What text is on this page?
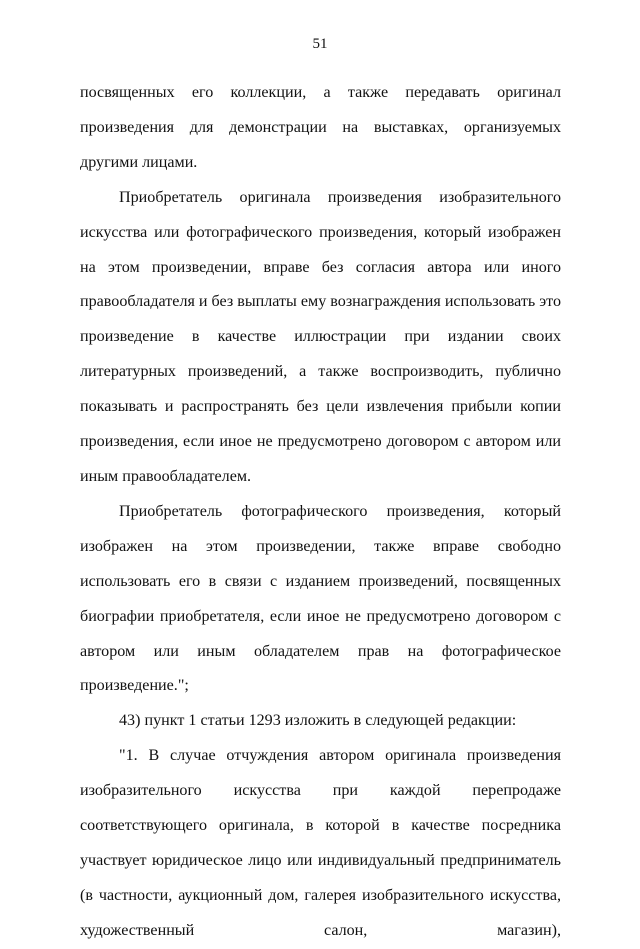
51

посвященных его коллекции, а также передавать оригинал произведения для демонстрации на выставках, организуемых другими лицами.

Приобретатель оригинала произведения изобразительного искусства или фотографического произведения, который изображен на этом произведении, вправе без согласия автора или иного правообладателя и без выплаты ему вознаграждения использовать это произведение в качестве иллюстрации при издании своих литературных произведений, а также воспроизводить, публично показывать и распространять без цели извлечения прибыли копии произведения, если иное не предусмотрено договором с автором или иным правообладателем.

Приобретатель фотографического произведения, который изображен на этом произведении, также вправе свободно использовать его в связи с изданием произведений, посвященных биографии приобретателя, если иное не предусмотрено договором с автором или иным обладателем прав на фотографическое произведение.";

43) пункт 1 статьи 1293 изложить в следующей редакции:

"1. В случае отчуждения автором оригинала произведения изобразительного искусства при каждой перепродаже соответствующего оригинала, в которой в качестве посредника участвует юридическое лицо или индивидуальный предприниматель (в частности, аукционный дом, галерея изобразительного искусства, художественный салон, магазин),
